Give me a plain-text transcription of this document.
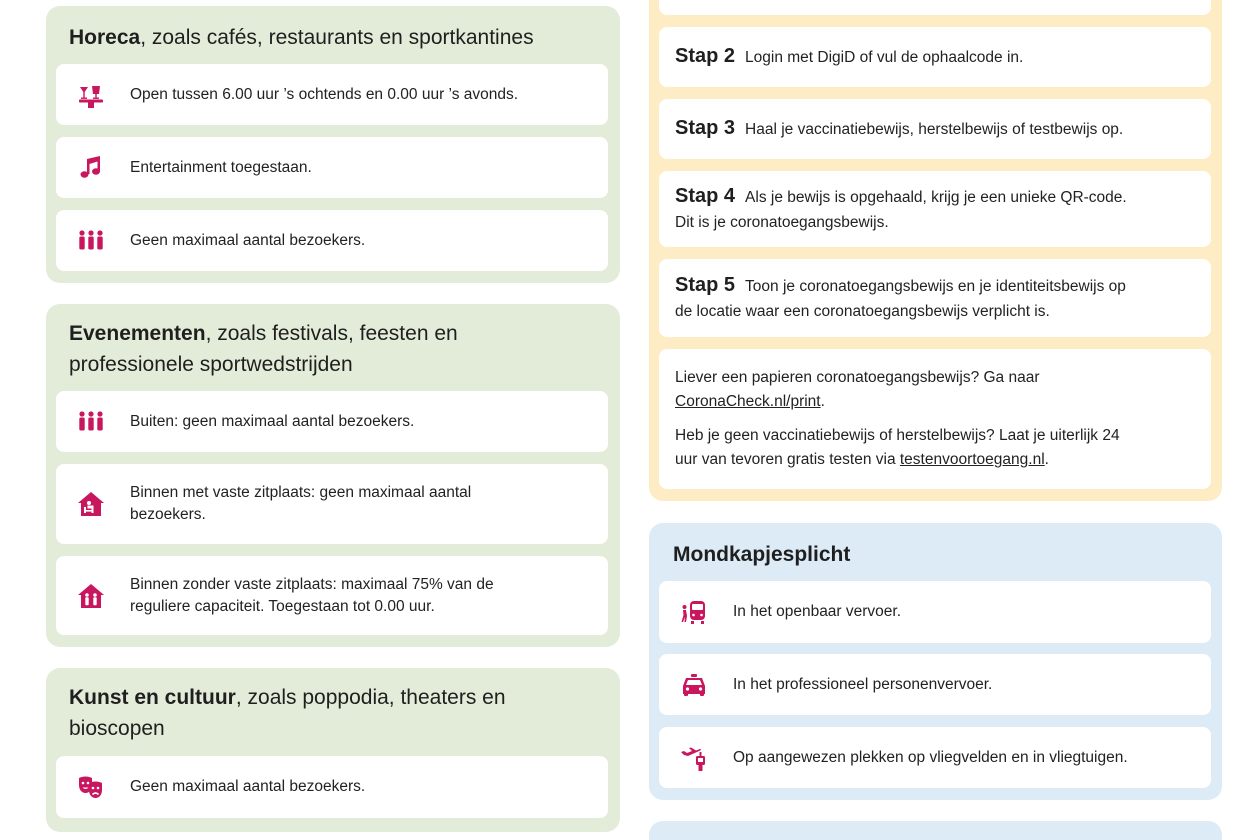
Horeca, zoals cafés, restaurants en sportkantines
Open tussen 6.00 uur ’s ochtends en 0.00 uur ’s avonds.
Entertainment toegestaan.
Geen maximaal aantal bezoekers.
Evenementen, zoals festivals, feesten en professionele sportwedstrijden
Buiten: geen maximaal aantal bezoekers.
Binnen met vaste zitplaats: geen maximaal aantal bezoekers.
Binnen zonder vaste zitplaats: maximaal 75% van de reguliere capaciteit. Toegestaan tot 0.00 uur.
Kunst en cultuur, zoals poppodia, theaters en bioscopen
Geen maximaal aantal bezoekers.
Stap 2 Login met DigiD of vul de ophaalcode in.
Stap 3 Haal je vaccinatiebewijs, herstelbewijs of testbewijs op.
Stap 4 Als je bewijs is opgehaald, krijg je een unieke QR-code.
Dit is je coronatoegangsbewijs.
Stap 5 Toon je coronatoegangsbewijs en je identiteitsbewijs op
de locatie waar een coronatoegangsbewijs verplicht is.
Liever een papieren coronatoegangsbewijs? Ga naar
CoronaCheck.nl/print.
Heb je geen vaccinatiebewijs of herstelbewijs? Laat je uiterlijk 24
uur van tevoren gratis testen via testenvoortoegang.nl.
Mondkapjesplicht
In het openbaar vervoer.
In het professioneel personenvervoer.
Op aangewezen plekken op vliegvelden en in vliegtuigen.
